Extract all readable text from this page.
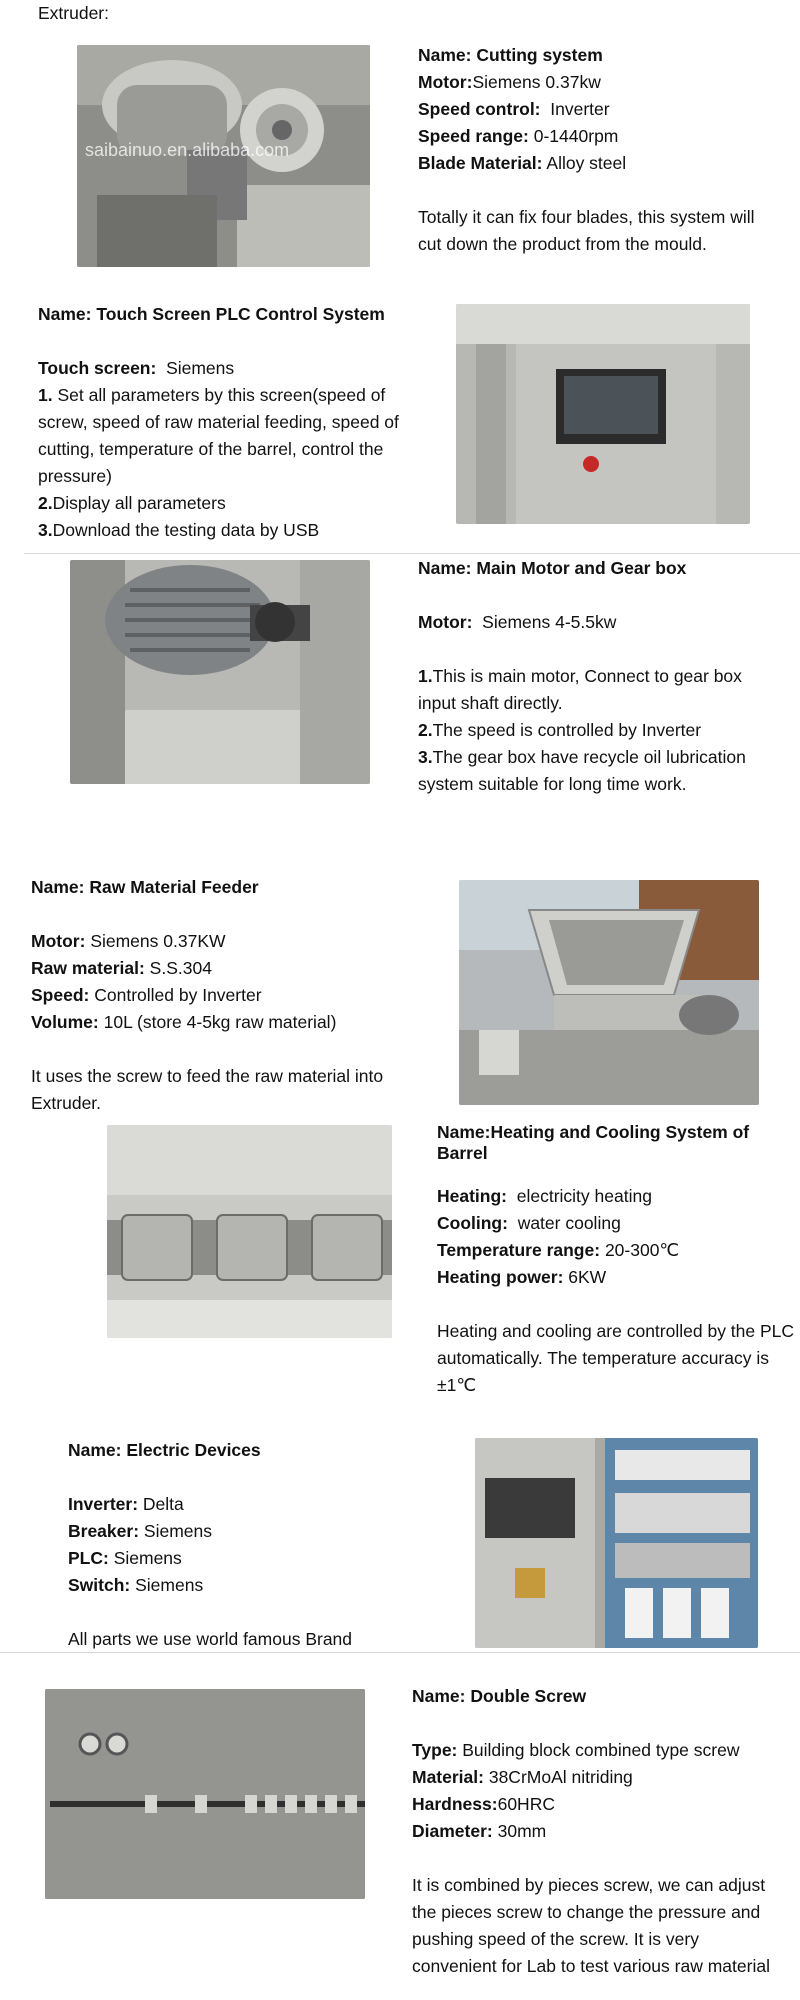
Extruder:
saibainuo.en.alibaba.com
Name: Cutting system
Motor:Siemens 0.37kw
Speed control: Inverter
Speed range: 0-1440rpm
Blade Material: Alloy steel
Totally it can fix four blades, this system will
cut down the product from the mould.
Name: Touch Screen PLC Control System
Touch screen: Siemens
1. Set all parameters by this screen(speed of
screw, speed of raw material feeding, speed of
cutting, temperature of the barrel, control the
pressure)
2.Display all parameters
3.Download the testing data by USB
Name: Main Motor and Gear box
Motor: Siemens 4-5.5kw
1.This is main motor, Connect to gear box
input shaft directly.
2.The speed is controlled by Inverter
3.The gear box have recycle oil lubrication
system suitable for long time work.
Name: Raw Material Feeder
Motor: Siemens 0.37KW
Raw material: S.S.304
Speed: Controlled by Inverter
Volume: 10L (store 4-5kg raw material)
It uses the screw to feed the raw material into
Extruder.
Name:Heating and Cooling System of
Barrel
Heating: electricity heating
Cooling: water cooling
Temperature range: 20-300℃
Heating power: 6KW
Heating and cooling are controlled by the PLC
automatically. The temperature accuracy is
±1℃
Name: Electric Devices
Inverter: Delta
Breaker: Siemens
PLC: Siemens
Switch: Siemens
All parts we use world famous Brand
Name: Double Screw
Type: Building block combined type screw
Material: 38CrMoAl nitriding
Hardness:60HRC
Diameter: 30mm
It is combined by pieces screw, we can adjust
the pieces screw to change the pressure and
pushing speed of the screw. It is very
convenient for Lab to test various raw material
